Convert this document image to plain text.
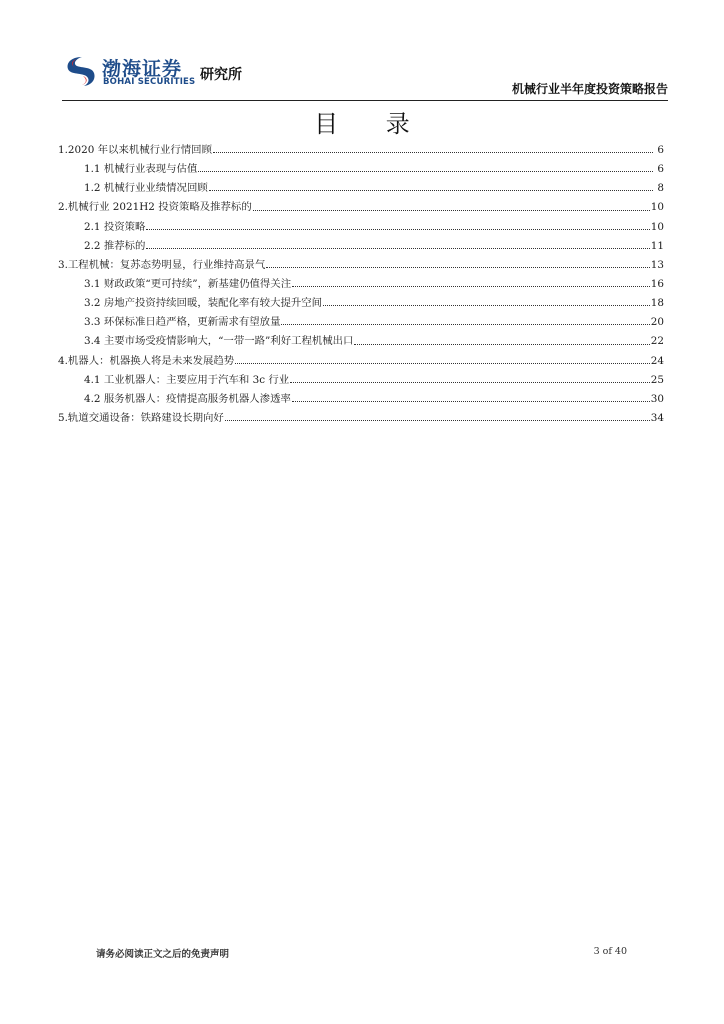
渤海证券
BOHAI SECURITIES 研究所
机械行业半年度投资策略报告
目 录
1.2020 年以来机械行业行情回顾	6
1.1 机械行业表现与估值	6
1.2 机械行业业绩情况回顾	8
2.机械行业 2021H2 投资策略及推荐标的	10
2.1 投资策略	10
2.2 推荐标的	11
3.工程机械：复苏态势明显，行业维持高景气	13
3.1 财政政策“更可持续”，新基建仍值得关注	16
3.2 房地产投资持续回暖，装配化率有较大提升空间	18
3.3 环保标准日趋严格，更新需求有望放量	20
3.4 主要市场受疫情影响大，“一带一路”利好工程机械出口	22
4.机器人：机器换人将是未来发展趋势	24
4.1 工业机器人：主要应用于汽车和 3c 行业	25
4.2 服务机器人：疫情提高服务机器人渗透率	30
5.轨道交通设备：铁路建设长期向好	34
请务必阅读正文之后的免责声明	3 of 40
